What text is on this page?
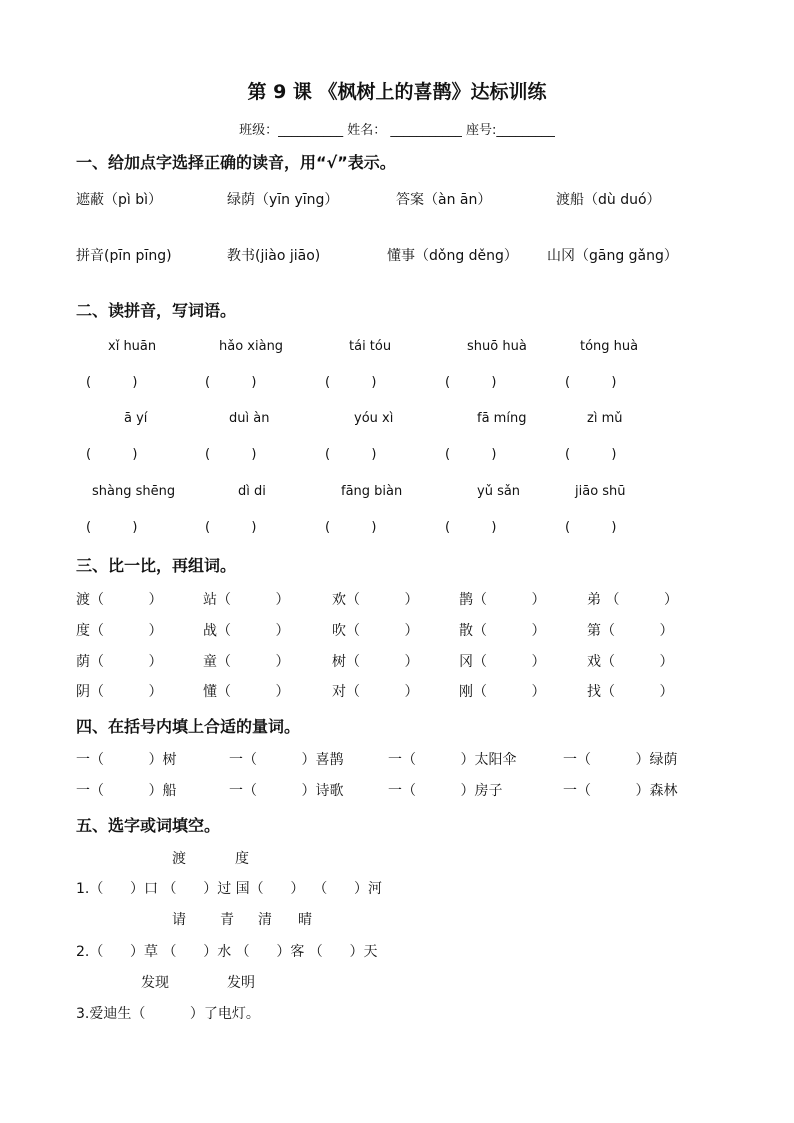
第 9 课 《枫树上的喜鹊》达标训练
班级：__________ 姓名： ___________ 座号:_________
一、给加点字选择正确的读音，用“√”表示。
遮蔽（pì bì）	绿荫（yīn yīng）	答案（àn ān）	渡船（dù duó）
拼音(pīn pīng)	教书(jiào jiāo)	懂事（dǒng děng） 山冈（gāng gǎng）
二、读拼音，写词语。
xǐ huān	hǎo xiàng	tái tóu	shuō huà	tóng huà
(          )	(          )	(          )	(          )	(          )
ā yí	duì àn	yóu xì	fā míng	zì mǔ
(          )	(          )	(          )	(          )	(          )
shàng shēng	dì di	fāng biàn	yǔ sǎn	jiāo shū
(          )	(          )	(          )	(          )	(          )
三、比一比，再组词。
渡（          ）	站（          ）	欢（          ）	鹊（          ）	弟 （          ）
度（          ）	战（          ）	吹（          ）	散（          ）	第（          ）
荫（          ）	童（          ）	树（          ）	冈（          ）	戏（          ）
阴（          ）	懂（          ）	对（          ）	刚（          ）	找（          ）
四、在括号内填上合适的量词。
一（          ）树	一（          ）喜鹊	一（          ）太阳伞	一（          ）绿荫
一（          ）船	一（          ）诗歌	一（          ）房子	一（          ）森林
五、选字或词填空。
渡	度
1.（      ）口 （      ）过 国（      ）  （      ）河
请 青 清 晴
2.（      ）草 （      ）水 （      ）客 （      ）天
发现	发明
3.爱迪生（          ）了电灯。
